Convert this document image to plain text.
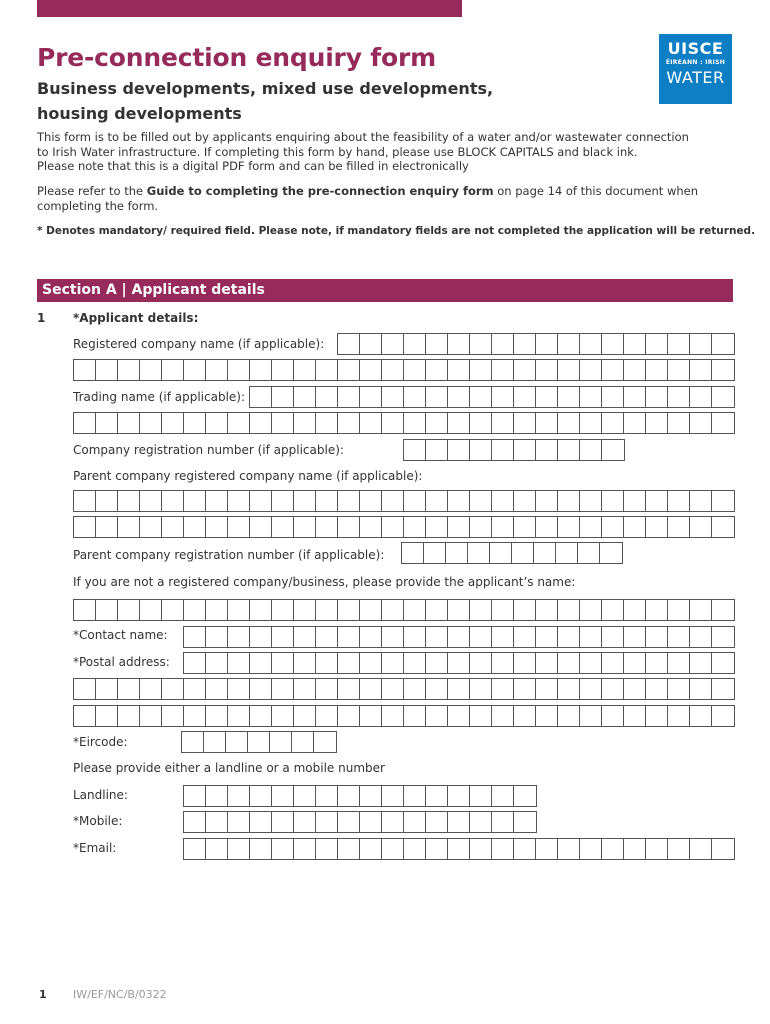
Pre-connection enquiry form
Business developments, mixed use developments,
housing developments
UISCE
ÉIREANN : IRISH
WATER

This form is to be filled out by applicants enquiring about the feasibility of a water and/or wastewater connection
to Irish Water infrastructure. If completing this form by hand, please use BLOCK CAPITALS and black ink.
Please note that this is a digital PDF form and can be filled in electronically

Please refer to the Guide to completing the pre-connection enquiry form on page 14 of this document when
completing the form.

* Denotes mandatory/ required field. Please note, if mandatory fields are not completed the application will be returned.

Section A | Applicant details
1 *Applicant details:
Registered company name (if applicable):
Trading name (if applicable):
Company registration number (if applicable):
Parent company registered company name (if applicable):
Parent company registration number (if applicable):
If you are not a registered company/business, please provide the applicant’s name:
*Contact name:
*Postal address:
*Eircode:
Please provide either a landline or a mobile number
Landline:
*Mobile:
*Email:
1 IW/EF/NC/B/0322
